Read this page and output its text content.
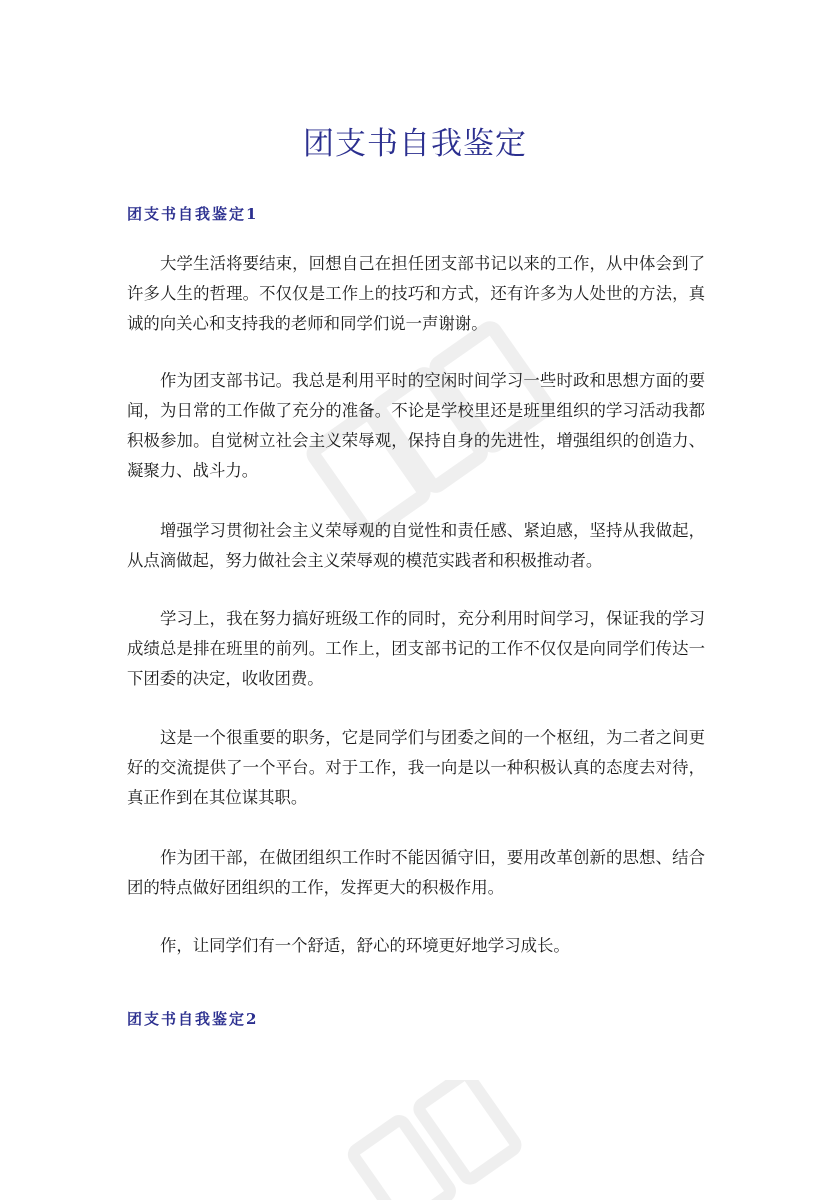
团支书自我鉴定
团支书自我鉴定1

大学生活将要结束，回想自己在担任团支部书记以来的工作，从中体会到了许多人生的哲理。不仅仅是工作上的技巧和方式，还有许多为人处世的方法，真诚的向关心和支持我的老师和同学们说一声谢谢。

作为团支部书记。我总是利用平时的空闲时间学习一些时政和思想方面的要闻，为日常的工作做了充分的准备。不论是学校里还是班里组织的学习活动我都积极参加。自觉树立社会主义荣辱观，保持自身的先进性，增强组织的创造力、凝聚力、战斗力。

增强学习贯彻社会主义荣辱观的自觉性和责任感、紧迫感，坚持从我做起，从点滴做起，努力做社会主义荣辱观的模范实践者和积极推动者。

学习上，我在努力搞好班级工作的同时，充分利用时间学习，保证我的学习成绩总是排在班里的前列。工作上，团支部书记的工作不仅仅是向同学们传达一下团委的决定，收收团费。

这是一个很重要的职务，它是同学们与团委之间的一个枢纽，为二者之间更好的交流提供了一个平台。对于工作，我一向是以一种积极认真的态度去对待，真正作到在其位谋其职。

作为团干部，在做团组织工作时不能因循守旧，要用改革创新的思想、结合团的特点做好团组织的工作，发挥更大的积极作用。

作，让同学们有一个舒适，舒心的环境更好地学习成长。

团支书自我鉴定2
